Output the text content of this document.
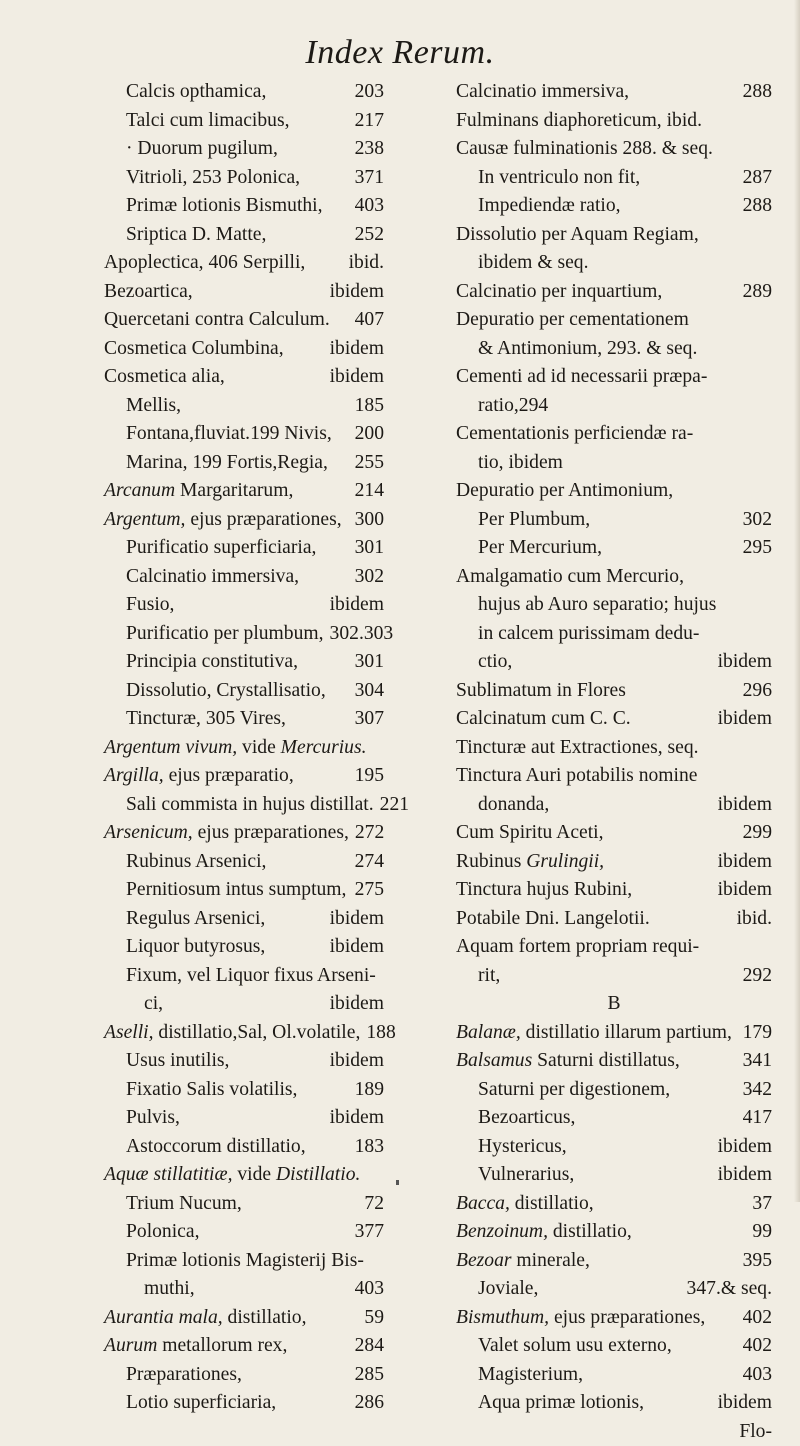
Index Rerum.
Calcis opthamica,	203
Talci cum limacibus,	217
· Duorum pugilum,	238
Vitrioli, 253 Polonica,	371
Primæ lotionis Bismuthi,	403
Sriptica D. Matte,	252
Apoplectica, 406 Serpilli,	ibid.
Bezoartica,	ibidem
Quercetani contra Calculum.	407
Cosmetica Columbina,	ibidem
Cosmetica alia,	ibidem
Mellis,	185
Fontana,fluviat.199 Nivis,	200
Marina, 199 Fortis,Regia,	255
Arcanum Margaritarum,	214
Argentum, ejus præparationes, 300
Purificatio superficiaria,	301
Calcinatio immersiva,	302
Fusio,	ibidem
Purificatio per plumbum, 302.303
Principia constitutiva,	301
Dissolutio, Crystallisatio,	304
Tincturæ, 305 Vires,	307
Argentum vivum, vide Mercurius.
Argilla, ejus præparatio,	195
Sali commista in hujus distillat. 221
Arsenicum, ejus præparationes, 272
Rubinus Arsenici,	274
Pernitiosum intus sumptum, 275
Regulus Arsenici,	ibidem
Liquor butyrosus,	ibidem
Fixum, vel Liquor fixus Arseni-
ci,	ibidem
Aselli, distillatio,Sal, Ol.volatile, 188
Usus inutilis,	ibidem
Fixatio Salis volatilis,	189
Pulvis,	ibidem
Astoccorum distillatio,	183
Aquæ stillatitiæ, vide Distillatio.
Trium Nucum,	72
Polonica,	377
Primæ lotionis Magisterij Bis-
muthi,	403
Aurantia mala, distillatio,	59
Aurum metallorum rex,	284
Præparationes,	285
Lotio superficiaria,	286
Calcinatio immersiva,	288
Fulminans diaphoreticum, ibid.
Causæ fulminationis 288. & seq.
In ventriculo non fit,	287
Impediendæ ratio,	288
Dissolutio per Aquam Regiam,
ibidem & seq.
Calcinatio per inquartium,	289
Depuratio per cementationem
& Antimonium, 293. & seq.
Cementi ad id necessarii præpa-
ratio,294
Cementationis perficiendæ ra-
tio, ibidem
Depuratio per Antimonium,
Per Plumbum,	302
Per Mercurium,	295
Amalgamatio cum Mercurio,
hujus ab Auro separatio; hujus
in calcem purissimam dedu-
ctio,	ibidem
Sublimatum in Flores	296
Calcinatum cum C. C.	ibidem
Tincturæ aut Extractiones, seq.
Tinctura Auri potabilis nomine
donanda,	ibidem
Cum Spiritu Aceti,	299
Rubinus Grulingii,	ibidem
Tinctura hujus Rubini,	ibidem
Potabile Dni. Langelotii.	ibid.
Aquam fortem propriam requi-
rit,	292
B
Balanæ, distillatio illarum partium, 179
Balsamus Saturni distillatus,	341
Saturni per digestionem,	342
Bezoarticus,	417
Hystericus,	ibidem
Vulnerarius,	ibidem
Bacca, distillatio,	37
Benzoinum, distillatio,	99
Bezoar minerale,	395
Joviale,	347.& seq.
Bismuthum, ejus præparationes,	402
Valet solum usu externo,	402
Magisterium,	403
Aqua primæ lotionis,	ibidem
Flo-
